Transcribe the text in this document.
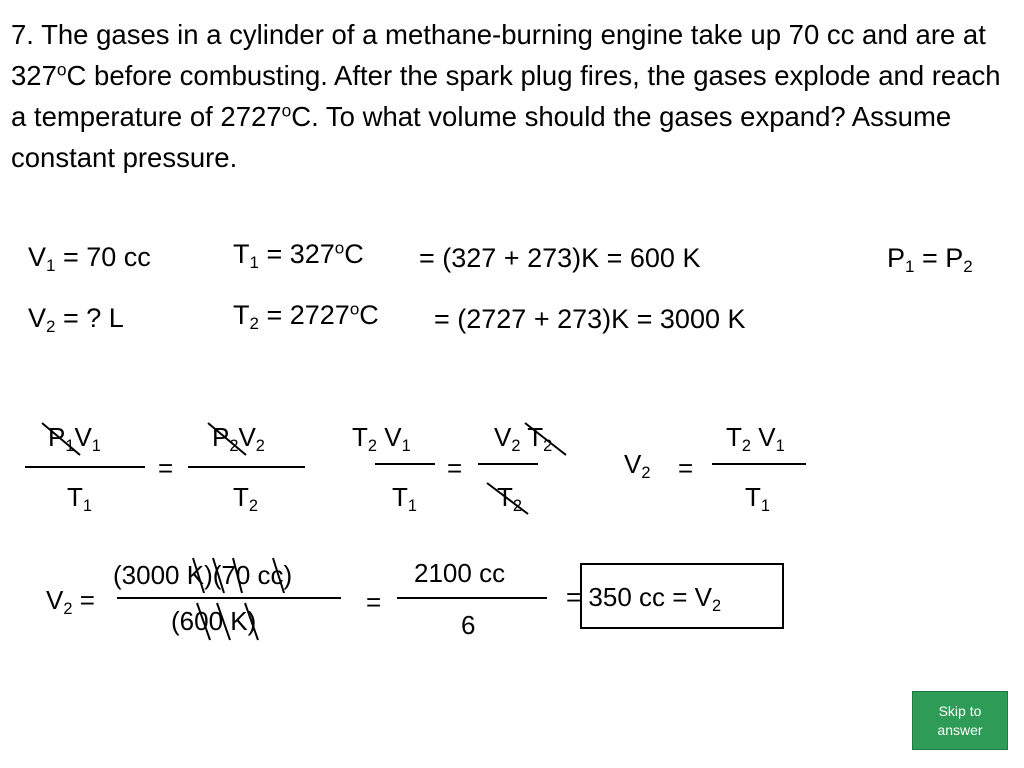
7. The gases in a cylinder of a methane-burning engine take up 70 cc and are at 327$^o$C before combusting. After the spark plug fires, the gases explode and reach a temperature of 2727$^o$C. To what volume should the gases expand? Assume constant pressure.

$V_1 = 70$ cc
$V_2$ = ? L
$T_1 = 327^oC$
$T_2 = 2727^oC$
= (327 + 273)K = 600 K
= (2727 + 273)K = 3000 K
$P_1 = P_2$
$P_1V_1$
$T_1$
=
$P_2V_2$
$T_2$
$T_2$ $V_1$
$T_1$
=
$V_2$ $T_2$
$T_2$
$V_2$ =
$T_2$ $V_1$
$T_1$
$V_2$ =
(3000 K)(70 cc)
(600 K)
=
2100 cc
6
= 350 cc = $V_2$
Skip to
answer
